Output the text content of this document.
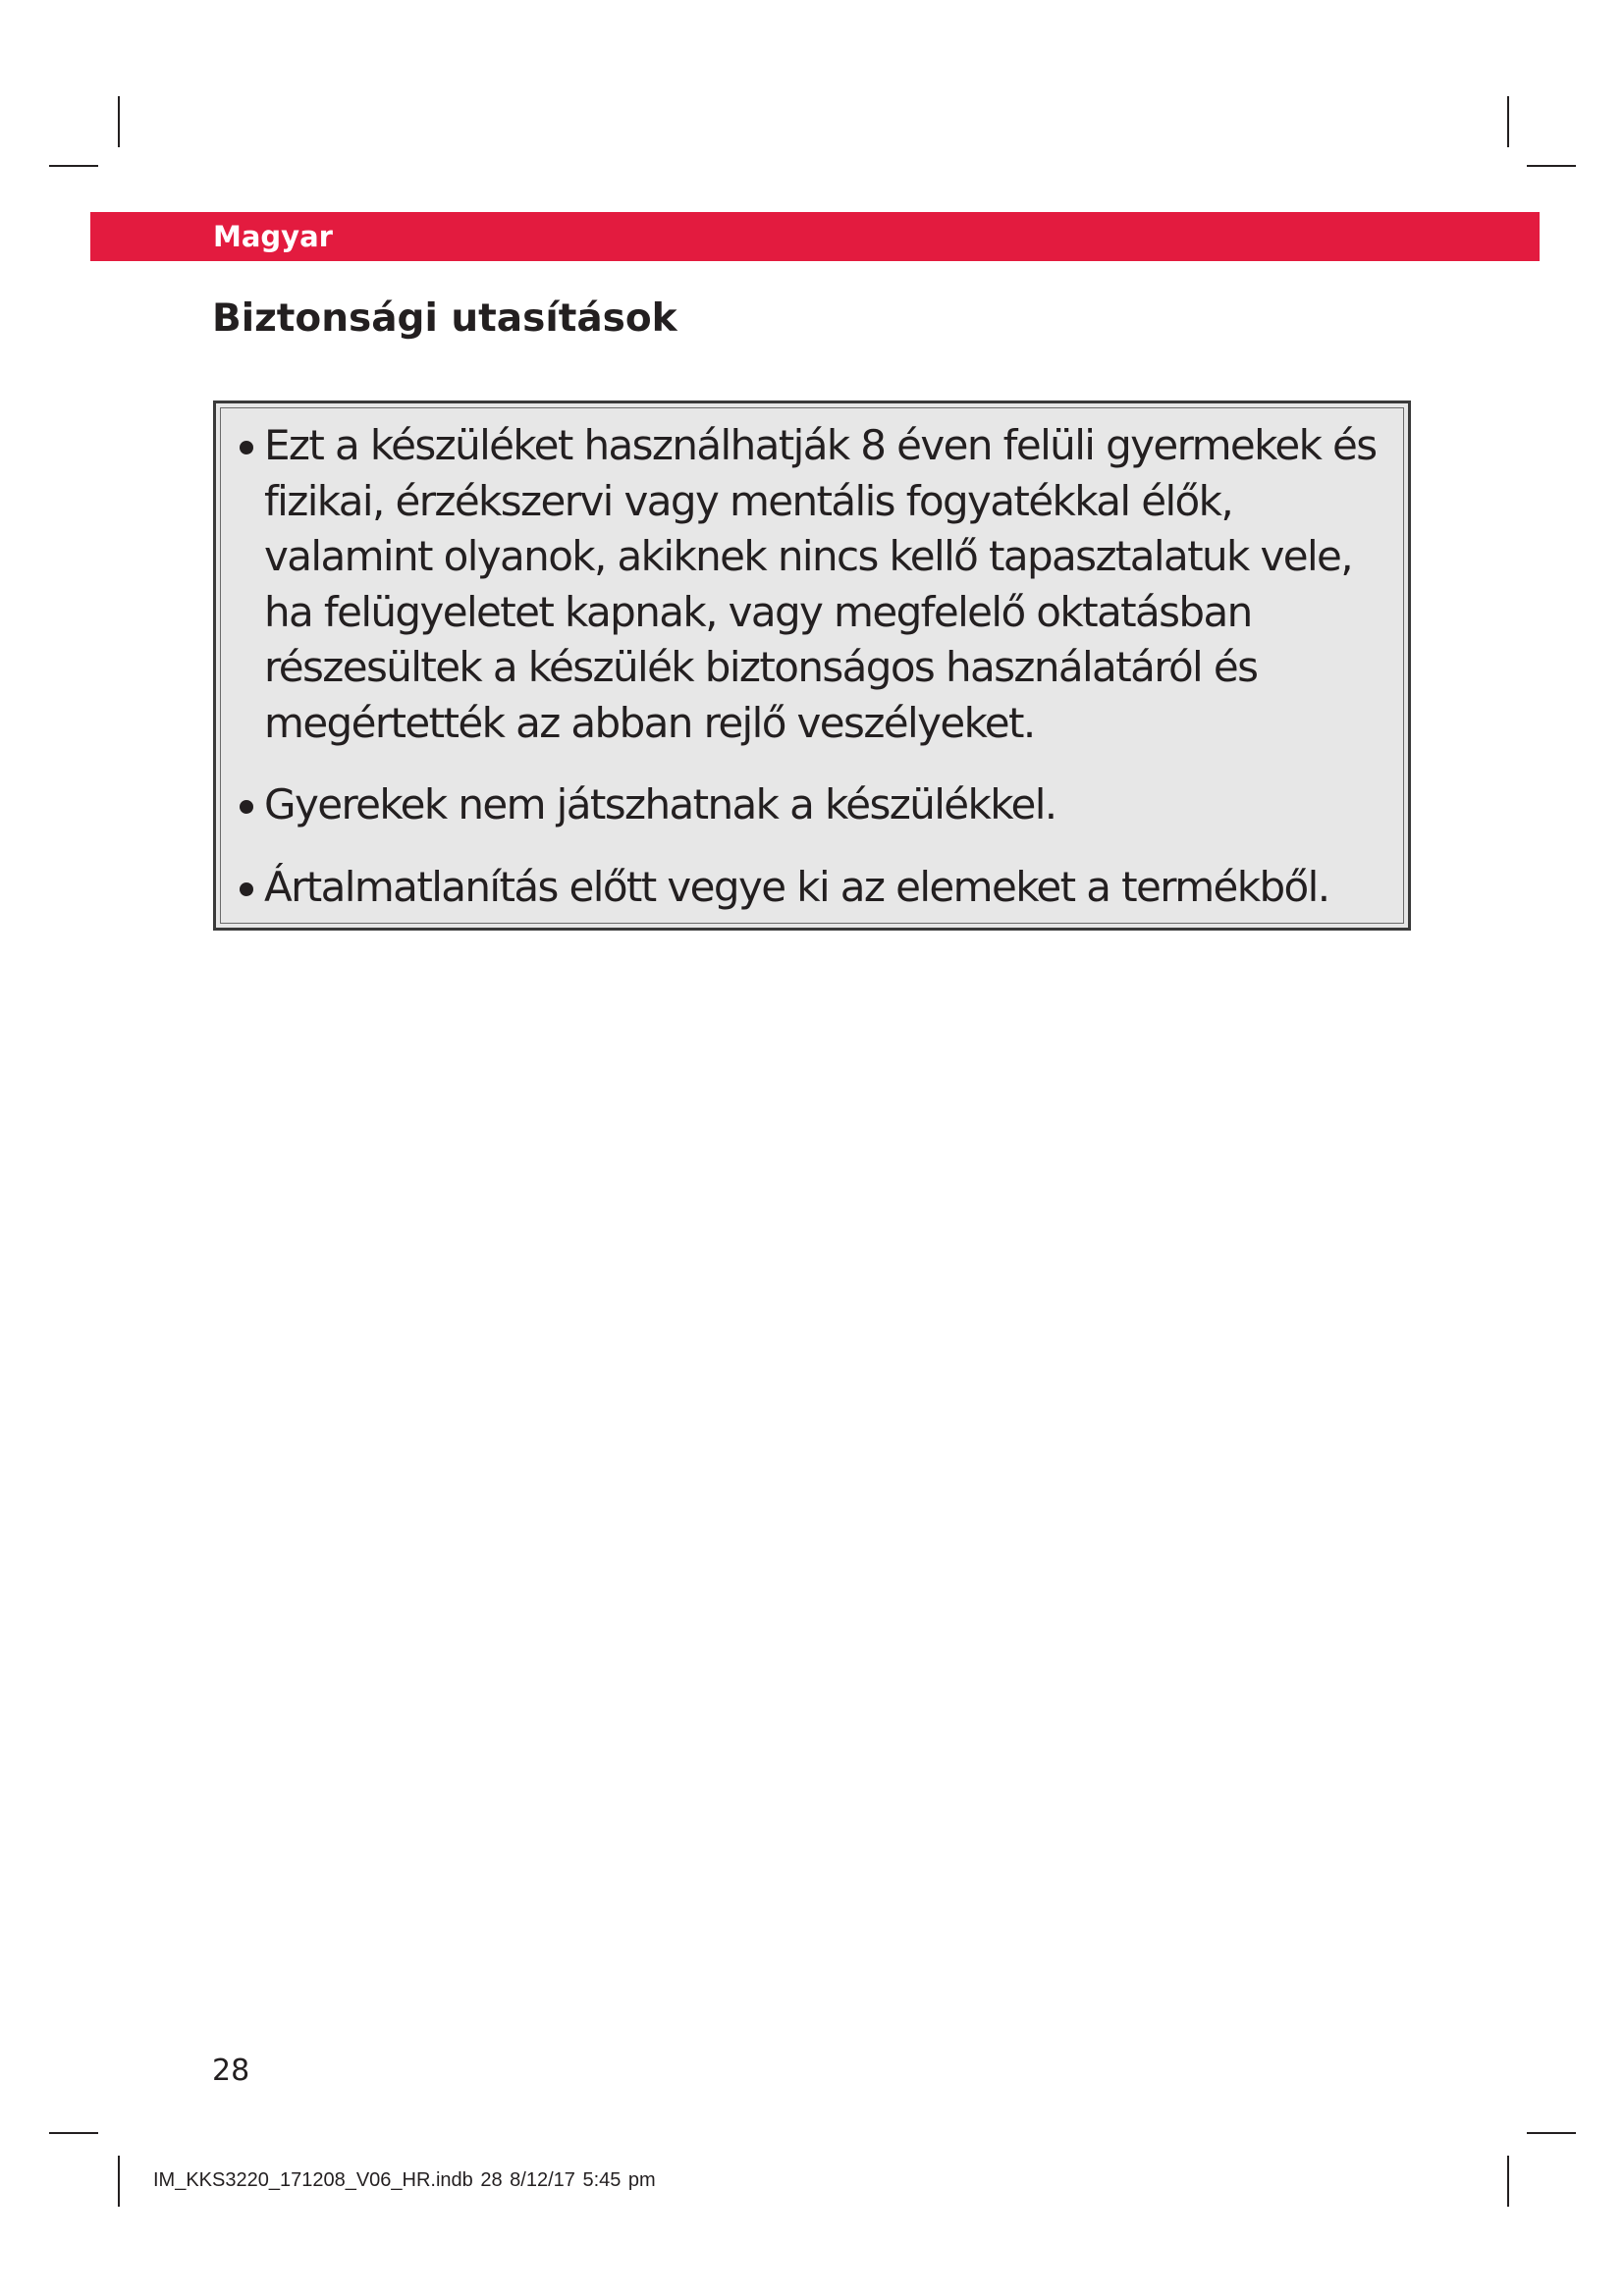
Magyar
Biztonsági utasítások
Ezt a készüléket használhatják 8 éven felüli gyermekek és fizikai, érzékszervi vagy mentális fogyatékkal élők, valamint olyanok, akiknek nincs kellő tapasztalatuk vele, ha felügyeletet kapnak, vagy megfelelő oktatásban részesültek a készülék biztonságos használatáról és megértették az abban rejlő veszélyeket.
Gyerekek nem játszhatnak a készülékkel.
Ártalmatlanítás előtt vegye ki az elemeket a termékből.
28
IM_KKS3220_171208_V06_HR.indb 28 8/12/17 5:45 pm
